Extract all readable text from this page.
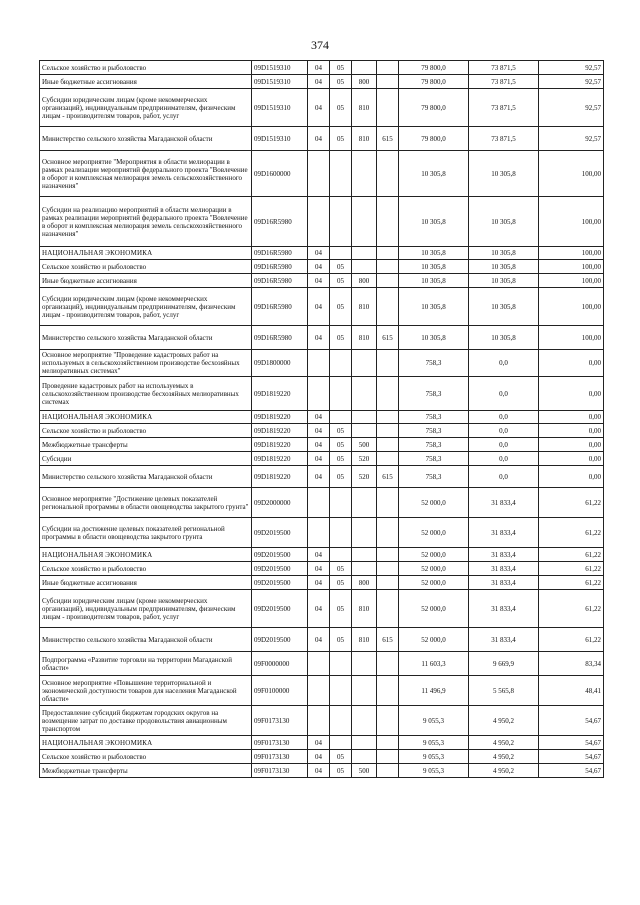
374
Сельское хозяйство и рыболовство	09D1519310	04	05			79 800,0	73 871,5	92,57
Иные бюджетные ассигнования	09D1519310	04	05	800		79 800,0	73 871,5	92,57
Субсидии юридическим лицам (кроме некоммерческих организаций), индивидуальным предпринимателям, физическим лицам - производителям товаров, работ, услуг	09D1519310	04	05	810		79 800,0	73 871,5	92,57
Министерство сельского хозяйства Магаданской области	09D1519310	04	05	810	615	79 800,0	73 871,5	92,57
Основное мероприятие "Мероприятия в области мелиорации в рамках реализации мероприятий федерального проекта "Вовлечение в оборот и комплексная мелиорация земель сельскохозяйственного назначения"	09D1600000					10 305,8	10 305,8	100,00
Субсидии на реализацию мероприятий в области мелиорации в рамках реализации мероприятий федерального проекта "Вовлечение в оборот и комплексная мелиорация земель сельскохозяйственного назначения"	09D16R5980					10 305,8	10 305,8	100,00
НАЦИОНАЛЬНАЯ ЭКОНОМИКА	09D16R5980	04				10 305,8	10 305,8	100,00
Сельское хозяйство и рыболовство	09D16R5980	04	05			10 305,8	10 305,8	100,00
Иные бюджетные ассигнования	09D16R5980	04	05	800		10 305,8	10 305,8	100,00
Субсидии юридическим лицам (кроме некоммерческих организаций), индивидуальным предпринимателям, физическим лицам - производителям товаров, работ, услуг	09D16R5980	04	05	810		10 305,8	10 305,8	100,00
Министерство сельского хозяйства Магаданской области	09D16R5980	04	05	810	615	10 305,8	10 305,8	100,00
Основное мероприятие "Проведение кадастровых работ на используемых в сельскохозяйственном производстве бесхозяйных мелиоративных системах"	09D1800000					758,3	0,0	0,00
Проведение кадастровых работ на используемых в сельскохозяйственном производстве бесхозяйных мелиоративных системах	09D1819220					758,3	0,0	0,00
НАЦИОНАЛЬНАЯ ЭКОНОМИКА	09D1819220	04				758,3	0,0	0,00
Сельское хозяйство и рыболовство	09D1819220	04	05			758,3	0,0	0,00
Межбюджетные трансферты	09D1819220	04	05	500		758,3	0,0	0,00
Субсидии	09D1819220	04	05	520		758,3	0,0	0,00
Министерство сельского хозяйства Магаданской области	09D1819220	04	05	520	615	758,3	0,0	0,00
Основное мероприятие "Достижение целевых показателей региональной программы в области овощеводства закрытого грунта"	09D2000000					52 000,0	31 833,4	61,22
Субсидии на достижение целевых показателей региональной программы в области овощеводства закрытого грунта	09D2019500					52 000,0	31 833,4	61,22
НАЦИОНАЛЬНАЯ ЭКОНОМИКА	09D2019500	04				52 000,0	31 833,4	61,22
Сельское хозяйство и рыболовство	09D2019500	04	05			52 000,0	31 833,4	61,22
Иные бюджетные ассигнования	09D2019500	04	05	800		52 000,0	31 833,4	61,22
Субсидии юридическим лицам (кроме некоммерческих организаций), индивидуальным предпринимателям, физическим лицам - производителям товаров, работ, услуг	09D2019500	04	05	810		52 000,0	31 833,4	61,22
Министерство сельского хозяйства Магаданской области	09D2019500	04	05	810	615	52 000,0	31 833,4	61,22
Подпрограмма «Развитие торговли на территории Магаданской области»	09F0000000					11 603,3	9 669,9	83,34
Основное мероприятие «Повышение территориальной и экономической доступности товаров для населения Магаданской области»	09F0100000					11 496,9	5 565,8	48,41
Предоставление субсидий бюджетам городских округов на возмещение затрат по доставке продовольствия авиационным транспортом	09F0173130					9 055,3	4 950,2	54,67
НАЦИОНАЛЬНАЯ ЭКОНОМИКА	09F0173130	04				9 055,3	4 950,2	54,67
Сельское хозяйство и рыболовство	09F0173130	04	05			9 055,3	4 950,2	54,67
Межбюджетные трансферты	09F0173130	04	05	500		9 055,3	4 950,2	54,67
